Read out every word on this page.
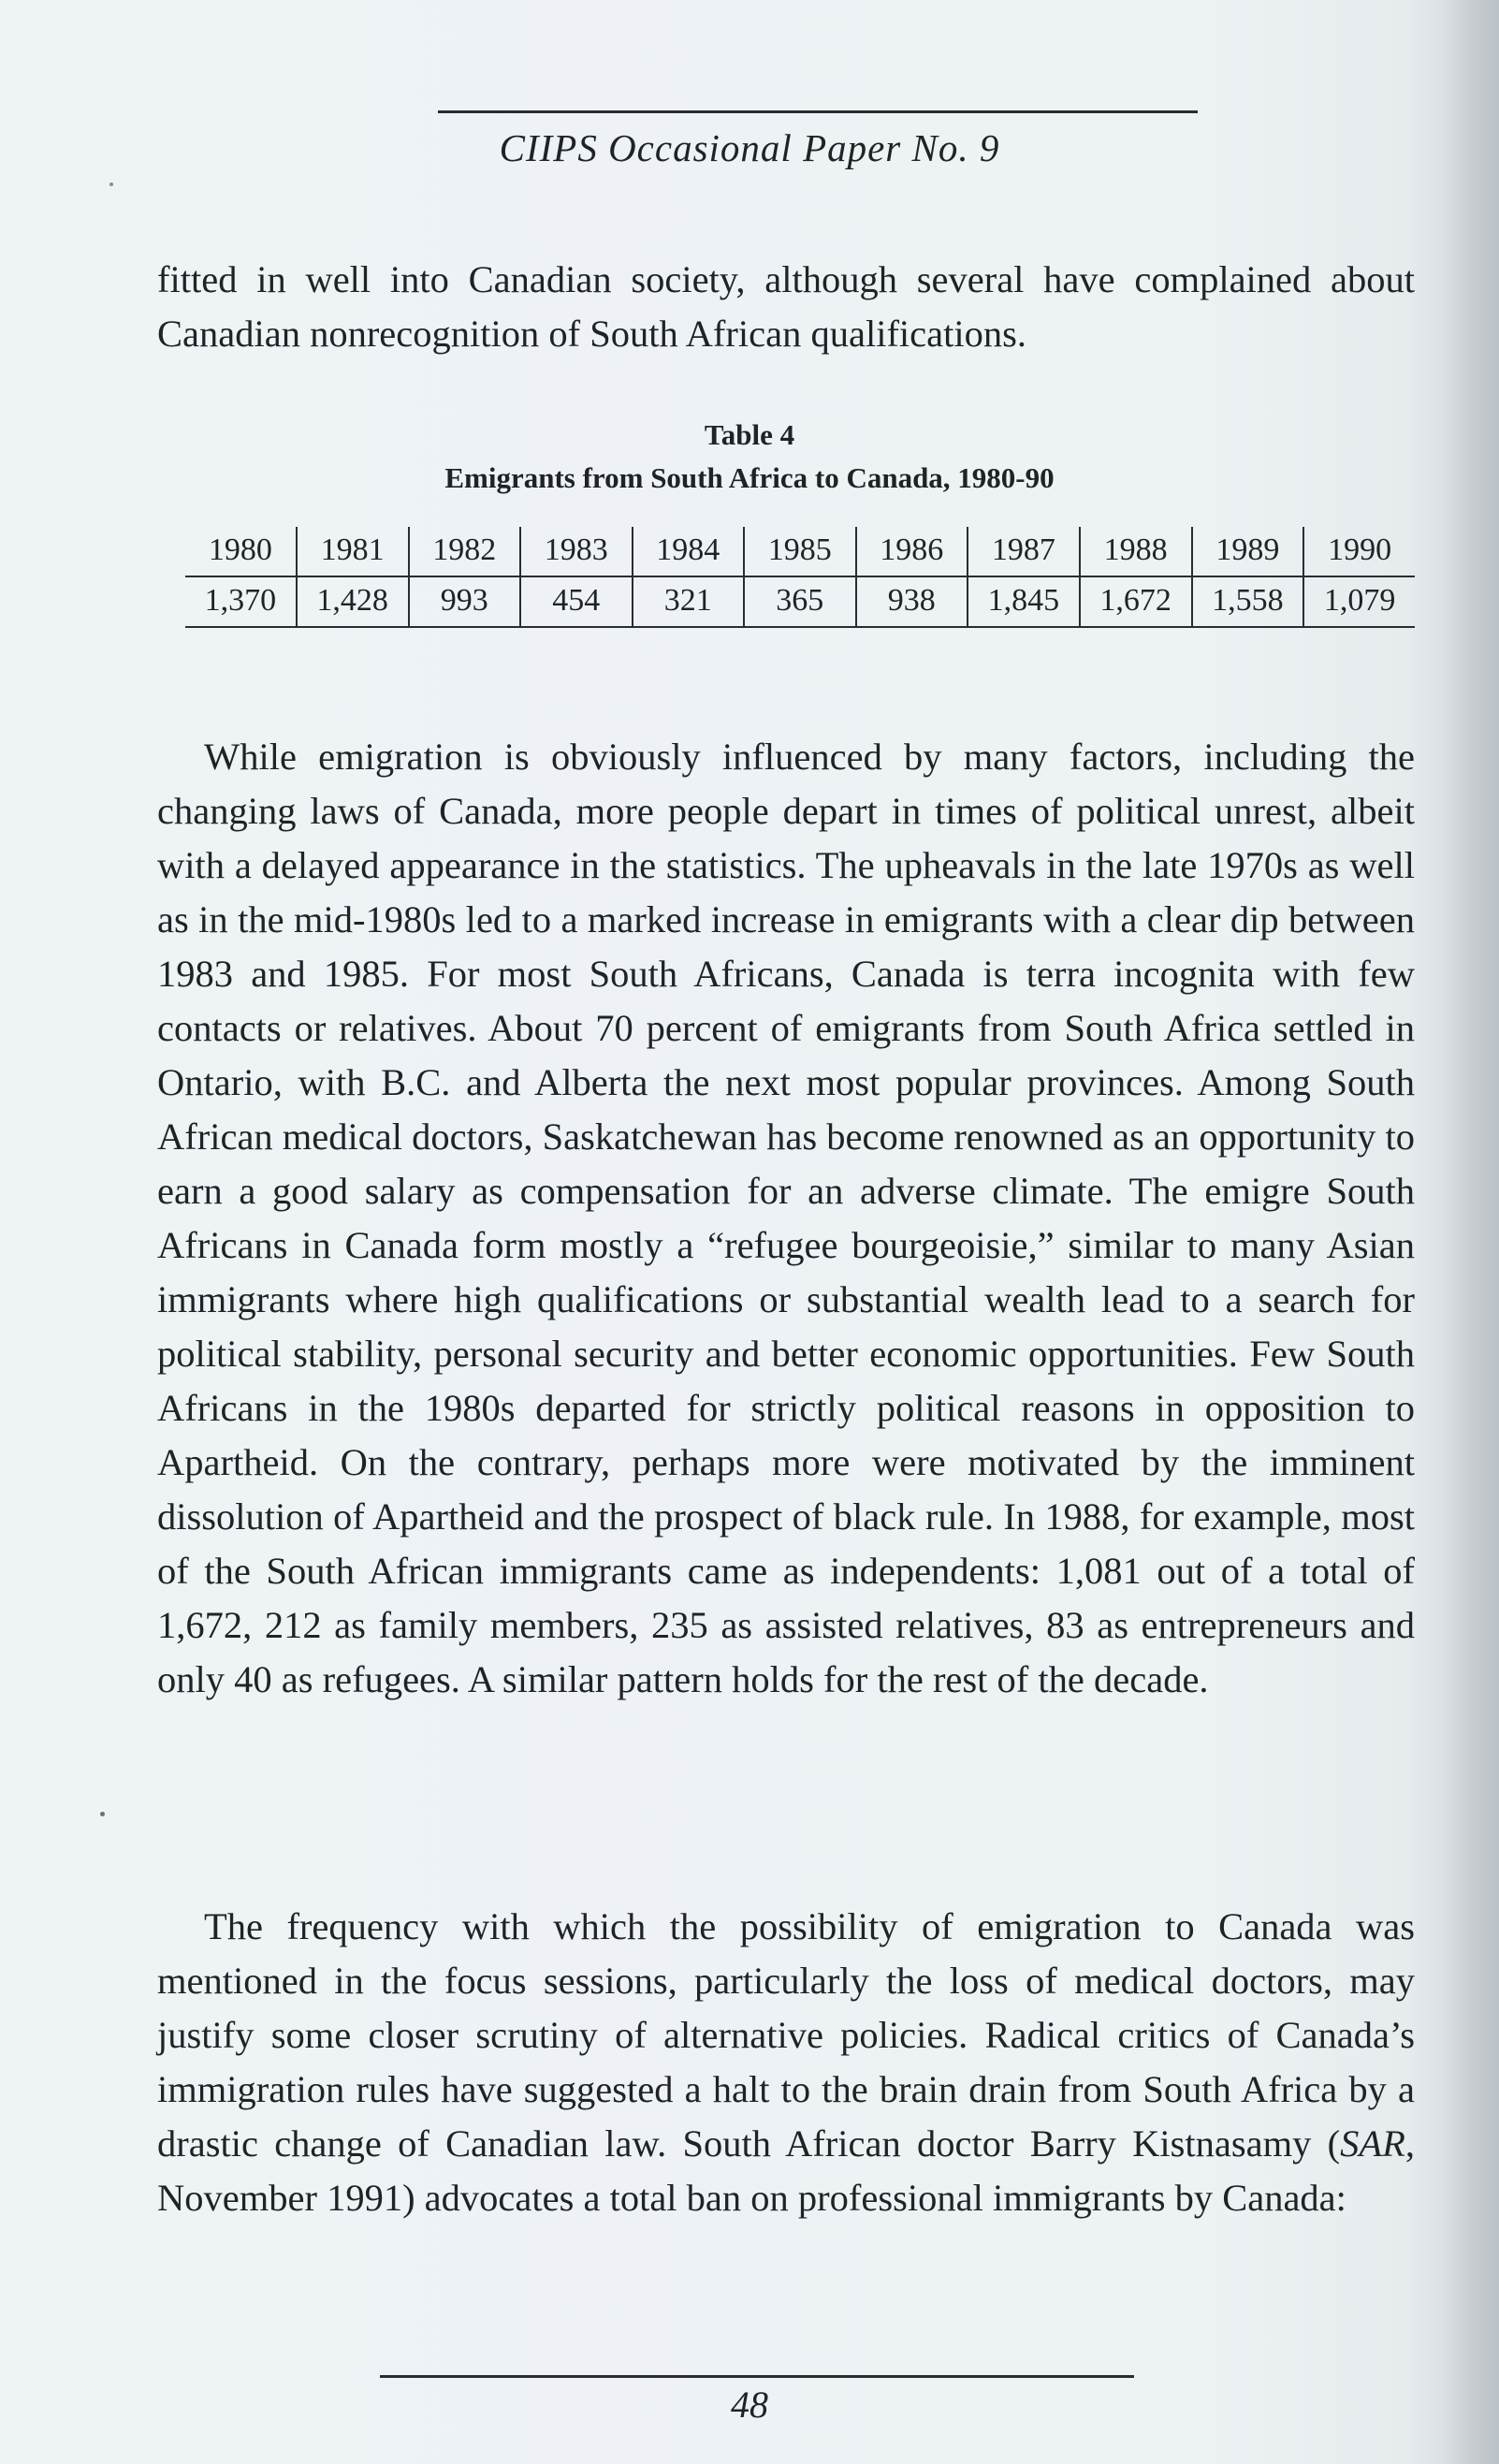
CIIPS Occasional Paper No. 9
fitted in well into Canadian society, although several have complained about Canadian nonrecognition of South African qualifications.
Table 4
Emigrants from South Africa to Canada, 1980-90
1980	1981	1982	1983	1984	1985	1986	1987	1988	1989	1990
1,370	1,428	993	454	321	365	938	1,845	1,672	1,558	1,079
While emigration is obviously influenced by many factors, including the changing laws of Canada, more people depart in times of political unrest, albeit with a delayed appearance in the statistics. The upheavals in the late 1970s as well as in the mid-1980s led to a marked increase in emigrants with a clear dip between 1983 and 1985. For most South Africans, Canada is terra incognita with few contacts or relatives. About 70 percent of emigrants from South Africa settled in Ontario, with B.C. and Alberta the next most popular provinces. Among South African medical doctors, Saskatchewan has become renowned as an opportunity to earn a good salary as compensation for an adverse climate. The emigre South Africans in Canada form mostly a “refugee bourgeoisie,” similar to many Asian immigrants where high qualifications or substantial wealth lead to a search for political stability, personal security and better economic opportunities. Few South Africans in the 1980s departed for strictly political reasons in opposition to Apartheid. On the contrary, perhaps more were motivated by the imminent dissolution of Apartheid and the prospect of black rule. In 1988, for example, most of the South African immigrants came as independents: 1,081 out of a total of 1,672, 212 as family members, 235 as assisted relatives, 83 as entrepreneurs and only 40 as refugees. A similar pattern holds for the rest of the decade.
The frequency with which the possibility of emigration to Canada was mentioned in the focus sessions, particularly the loss of medical doctors, may justify some closer scrutiny of alternative policies. Radical critics of Canada’s immigration rules have suggested a halt to the brain drain from South Africa by a drastic change of Canadian law. South African doctor Barry Kistnasamy (SAR, November 1991) advocates a total ban on professional immigrants by Canada:
48
